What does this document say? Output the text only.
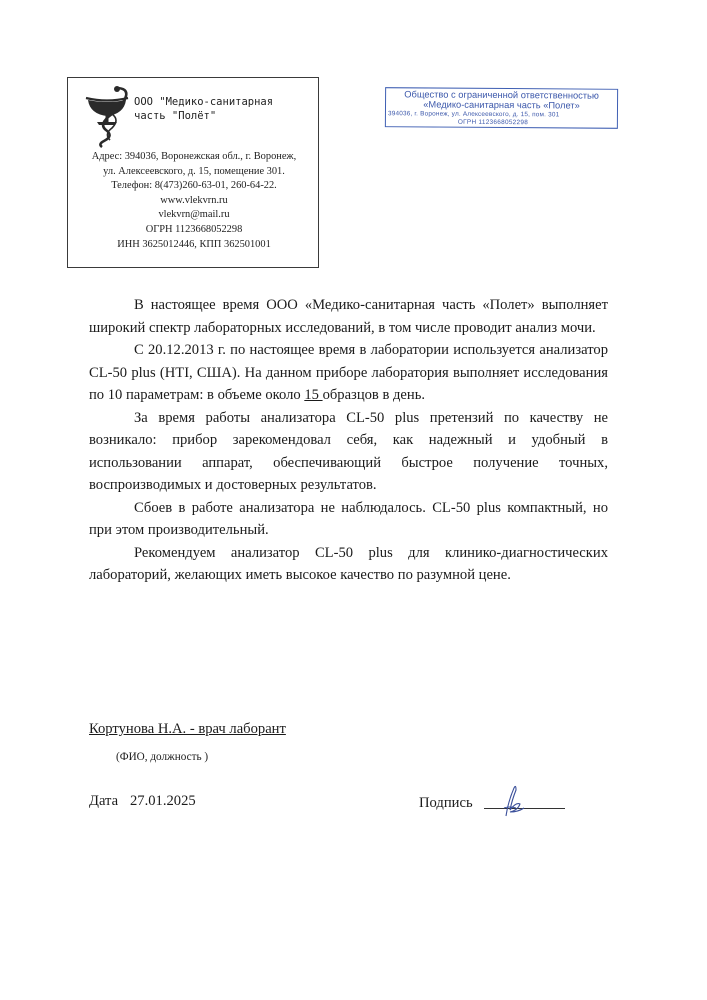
ООО "Медико-санитарная
часть "Полёт"
Адрес: 394036, Воронежская обл., г. Воронеж,
ул. Алексеевского, д. 15, помещение 301.
Телефон: 8(473)260-63-01, 260-64-22.
www.vlekvrn.ru
vlekvrn@mail.ru
ОГРН 1123668052298
ИНН 3625012446, КПП 362501001
Общество с ограниченной ответственностью
«Медико-санитарная часть «Полет»
394036, г. Воронеж, ул. Алексеевского, д. 15, пом. 301
ОГРН 1123668052298

В настоящее время ООО «Медико-санитарная часть «Полет» выполняет широкий спектр лабораторных исследований, в том числе проводит анализ мочи.

С 20.12.2013 г. по настоящее время в лаборатории используется анализатор CL-50 plus (HTI, США). На данном приборе лаборатория выполняет исследования по 10 параметрам: в объеме около 15 образцов в день.

За время работы анализатора CL-50 plus претензий по качеству не возникало: прибор зарекомендовал себя, как надежный и удобный в использовании аппарат, обеспечивающий быстрое получение точных, воспроизводимых и достоверных результатов.

Сбоев в работе анализатора не наблюдалось. CL-50 plus компактный, но при этом производительный.

Рекомендуем анализатор CL-50 plus для клинико-диагностических лабораторий, желающих иметь высокое качество по разумной цене.

Кортунова Н.А. - врач лаборант
(ФИО, должность )
Дата 27.01.2025	Подпись
